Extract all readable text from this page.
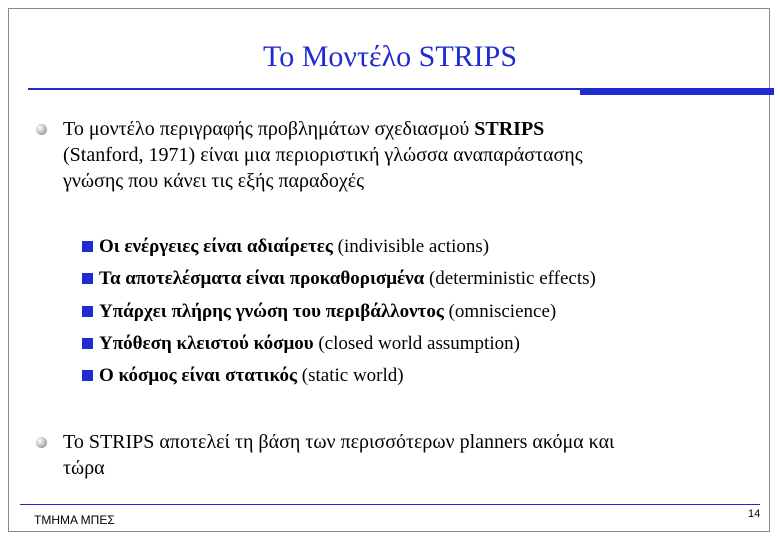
Το Μοντέλο STRIPS
Το μοντέλο περιγραφής προβλημάτων σχεδιασμού STRIPS
(Stanford, 1971) είναι μια περιοριστική γλώσσα αναπαράστασης
γνώσης που κάνει τις εξής παραδοχές
Οι ενέργειες είναι αδιαίρετες (indivisible actions)
Τα αποτελέσματα είναι προκαθορισμένα (deterministic effects)
Υπάρχει πλήρης γνώση του περιβάλλοντος (omniscience)
Υπόθεση κλειστού κόσμου (closed world assumption)
Ο κόσμος είναι στατικός (static world)
Το STRIPS αποτελεί τη βάση των περισσότερων planners ακόμα και
τώρα
ΤΜΗΜΑ ΜΠΕΣ	14
